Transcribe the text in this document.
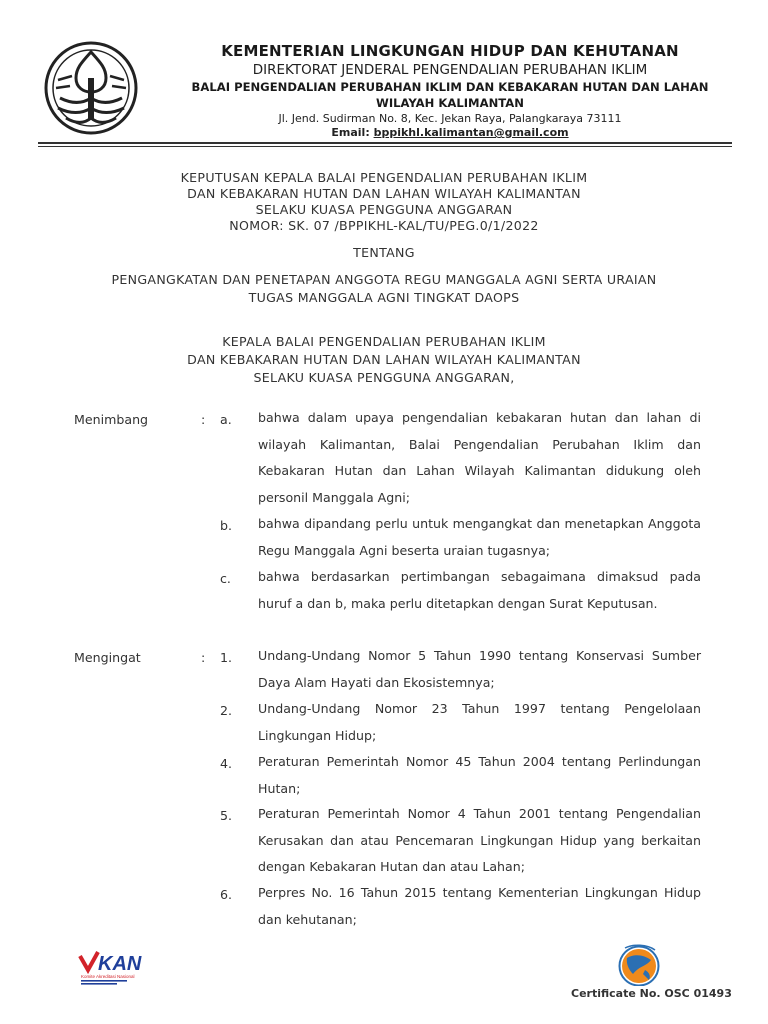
KEMENTERIAN LINGKUNGAN HIDUP DAN KEHUTANAN

DIREKTORAT JENDERAL PENGENDALIAN PERUBAHAN IKLIM

BALAI PENGENDALIAN PERUBAHAN IKLIM DAN KEBAKARAN HUTAN DAN LAHAN

WILAYAH KALIMANTAN

Jl. Jend. Sudirman No. 8, Kec. Jekan Raya, Palangkaraya 73111

Email: bppikhl.kalimantan@gmail.com

KEPUTUSAN KEPALA BALAI PENGENDALIAN PERUBAHAN IKLIM
DAN KEBAKARAN HUTAN DAN LAHAN WILAYAH KALIMANTAN
SELAKU KUASA PENGGUNA ANGGARAN
NOMOR: SK. 07 /BPPIKHL-KAL/TU/PEG.0/1/2022
TENTANG
PENGANGKATAN DAN PENETAPAN ANGGOTA REGU MANGGALA AGNI SERTA URAIAN
TUGAS MANGGALA AGNI TINGKAT DAOPS
KEPALA BALAI PENGENDALIAN PERUBAHAN IKLIM
DAN KEBAKARAN HUTAN DAN LAHAN WILAYAH KALIMANTAN
SELAKU KUASA PENGGUNA ANGGARAN,
Menimbang	: a.	bahwa dalam upaya pengendalian kebakaran hutan dan lahan di wilayah Kalimantan, Balai Pengendalian Perubahan Iklim dan Kebakaran Hutan dan Lahan Wilayah Kalimantan didukung oleh personil Manggala Agni;

b.	bahwa dipandang perlu untuk mengangkat dan menetapkan Anggota Regu Manggala Agni beserta uraian tugasnya;

c.	bahwa berdasarkan pertimbangan sebagaimana dimaksud pada huruf a dan b, maka perlu ditetapkan dengan Surat Keputusan.

Mengingat	: 1.	Undang-Undang Nomor 5 Tahun 1990 tentang Konservasi Sumber Daya Alam Hayati dan Ekosistemnya;

2.	Undang-Undang Nomor 23 Tahun 1997 tentang Pengelolaan Lingkungan Hidup;

4.	Peraturan Pemerintah Nomor 45 Tahun 2004 tentang Perlindungan Hutan;

5.	Peraturan Pemerintah Nomor 4 Tahun 2001 tentang Pengendalian Kerusakan dan atau Pencemaran Lingkungan Hidup yang berkaitan dengan Kebakaran Hutan dan atau Lahan;

6.	Perpres No. 16 Tahun 2015 tentang Kementerian Lingkungan Hidup dan kehutanan;

KAN
Komite Akreditasi Nasional
Certificate No. OSC 01493
